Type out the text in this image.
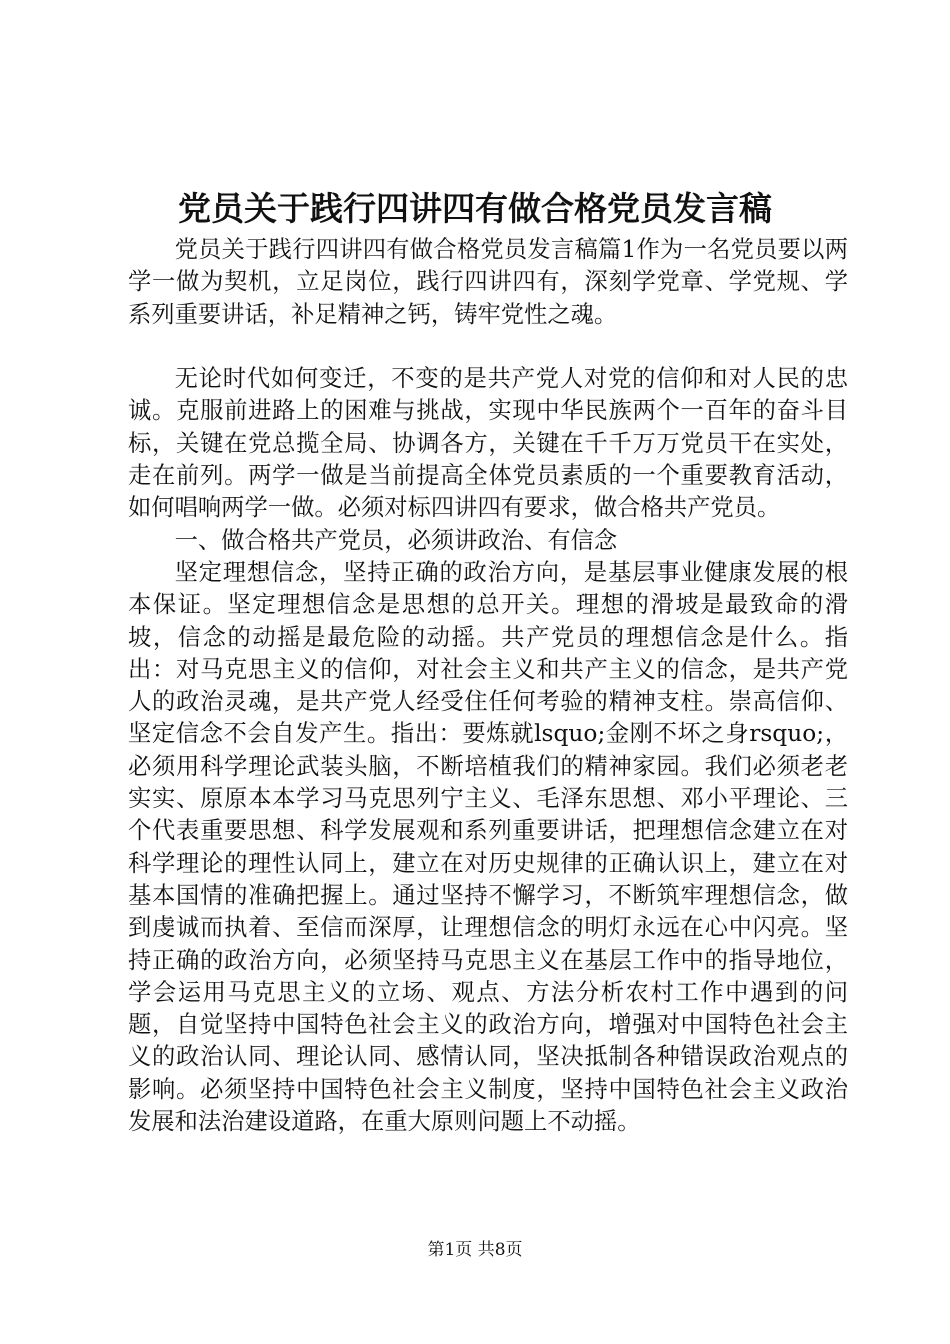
党员关于践行四讲四有做合格党员发言稿

党员关于践行四讲四有做合格党员发言稿篇1作为一名党员要以两学一做为契机，立足岗位，践行四讲四有，深刻学党章、学党规、学系列重要讲话，补足精神之钙，铸牢党性之魂。

无论时代如何变迁，不变的是共产党人对党的信仰和对人民的忠诚。克服前进路上的困难与挑战，实现中华民族两个一百年的奋斗目标，关键在党总揽全局、协调各方，关键在千千万万党员干在实处，走在前列。两学一做是当前提高全体党员素质的一个重要教育活动，如何唱响两学一做。必须对标四讲四有要求，做合格共产党员。

一、做合格共产党员，必须讲政治、有信念

坚定理想信念，坚持正确的政治方向，是基层事业健康发展的根本保证。坚定理想信念是思想的总开关。理想的滑坡是最致命的滑坡，信念的动摇是最危险的动摇。共产党员的理想信念是什么。指出：对马克思主义的信仰，对社会主义和共产主义的信念，是共产党人的政治灵魂，是共产党人经受住任何考验的精神支柱。崇高信仰、坚定信念不会自发产生。指出：要炼就lsquo;金刚不坏之身rsquo;，必须用科学理论武装头脑，不断培植我们的精神家园。我们必须老老实实、原原本本学习马克思列宁主义、毛泽东思想、邓小平理论、三个代表重要思想、科学发展观和系列重要讲话，把理想信念建立在对科学理论的理性认同上，建立在对历史规律的正确认识上，建立在对基本国情的准确把握上。通过坚持不懈学习，不断筑牢理想信念，做到虔诚而执着、至信而深厚，让理想信念的明灯永远在心中闪亮。坚持正确的政治方向，必须坚持马克思主义在基层工作中的指导地位，学会运用马克思主义的立场、观点、方法分析农村工作中遇到的问题，自觉坚持中国特色社会主义的政治方向，增强对中国特色社会主义的政治认同、理论认同、感情认同，坚决抵制各种错误政治观点的影响。必须坚持中国特色社会主义制度，坚持中国特色社会主义政治发展和法治建设道路，在重大原则问题上不动摇。

第1页 共8页
